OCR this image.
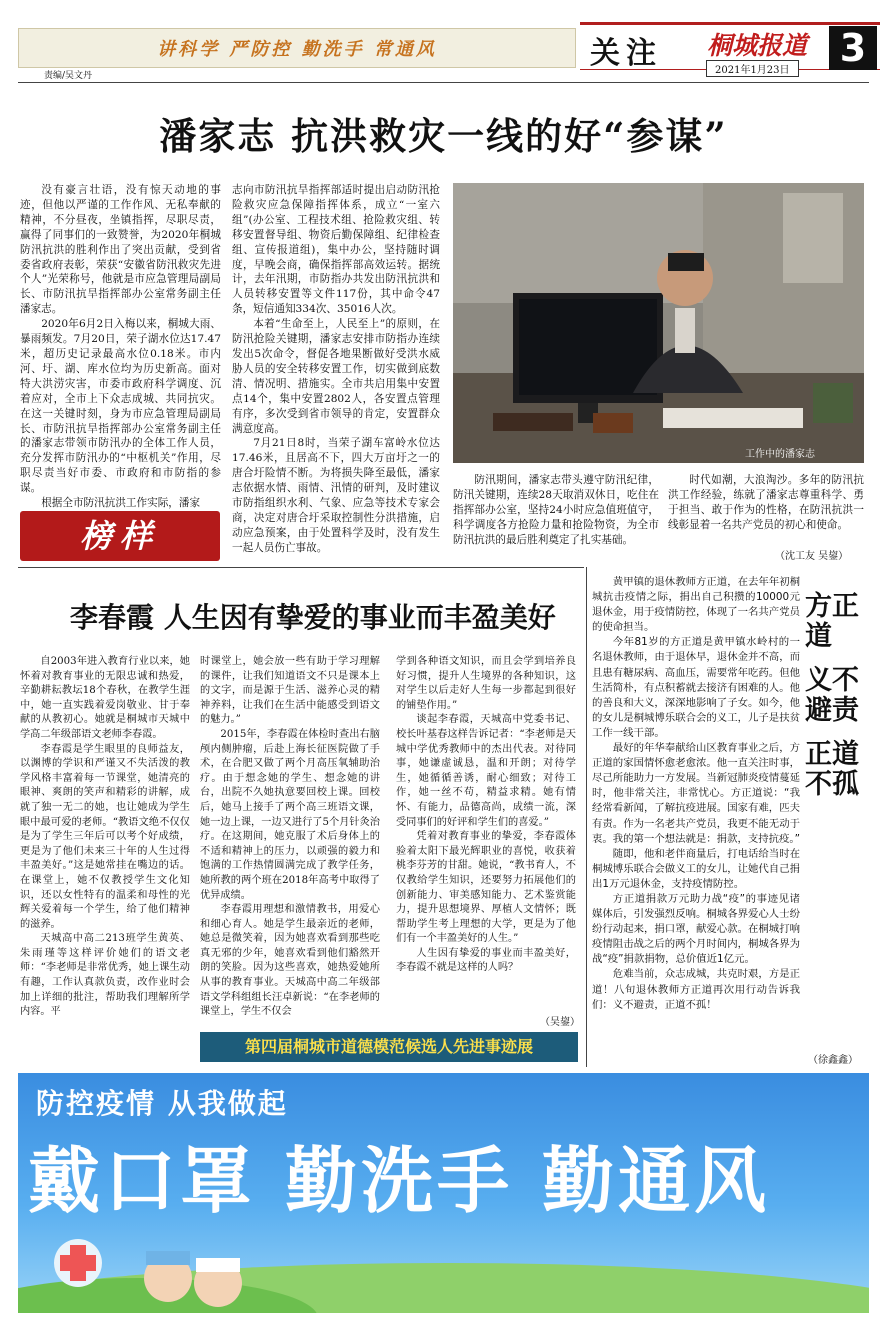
讲科学 严防控 勤洗手 常通风	关注 桐城报道
2021年1月23日
3
责编/吴文丹
潘家志 抗洪救灾一线的好“参谋”

没有豪言壮语，没有惊天动地的事迹，但他以严谨的工作作风、无私奉献的精神，不分昼夜，坐镇指挥，尽职尽责，赢得了同事们的一致赞誉，为2020年桐城防汛抗洪的胜利作出了突出贡献，受到省委省政府表彰，荣获“安徽省防汛救灾先进个人”光荣称号，他就是市应急管理局副局长、市防汛抗旱指挥部办公室常务副主任潘家志。

2020年6月2日入梅以来，桐城大雨、暴雨频发。7月20日，荣子湖水位达17.47米，超历史记录最高水位0.18米。市内河、圩、湖、库水位均为历史新高。面对特大洪涝灾害，市委市政府科学调度、沉着应对，全市上下众志成城、共同抗灾。在这一关键时刻，身为市应急管理局副局长、市防汛抗旱指挥部办公室常务副主任的潘家志带领市防汛办的全体工作人员，充分发挥市防汛办的“中枢机关”作用，尽职尽责当好市委、市政府和市防指的参谋。

根据全市防汛抗洪工作实际，潘家

榜样

志向市防汛抗旱指挥部适时提出启动防汛抢险救灾应急保障指挥体系，成立“一室六组”(办公室、工程技术组、抢险救灾组、转移安置督导组、物资后勤保障组、纪律检查组、宣传报道组)，集中办公，坚持随时调度，早晚会商，确保指挥部高效运转。据统计，去年汛期，市防指办共发出防汛抗洪和人员转移安置等文件117份，其中命令47条，短信通知334次、35016人次。

本着“生命至上，人民至上”的原则，在防汛抢险关键期，潘家志安排市防指办连续发出5次命令，督促各地果断做好受洪水威胁人员的安全转移安置工作，切实做到底数清、情况明、措施实。全市共启用集中安置点14个，集中安置2802人，各安置点管理有序，多次受到省市领导的肯定，安置群众满意度高。

7月21日8时，当荣子湖车富岭水位达17.46米，且居高不下，四大万亩圩之一的唐合圩险情不断。为将损失降至最低，潘家志依据水情、雨情、汛情的研判，及时建议市防指组织水利、气象、应急等技术专家会商，决定对唐合圩采取控制性分洪措施，启动应急预案，由于处置科学及时，没有发生一起人员伤亡事故。

工作中的潘家志

防汛期间，潘家志带头遵守防汛纪律，防汛关键期，连续28天取消双休日，吃住在指挥部办公室，坚持24小时应急值班值守，科学调度各方抢险力量和抢险物资，为全市防汛抗洪的最后胜利奠定了扎实基础。

时代如潮，大浪淘沙。多年的防汛抗洪工作经验，练就了潘家志尊重科学、勇于担当、敢于作为的性格，在防汛抗洪一线彰显着一名共产党员的初心和使命。

（沈工友 吴鋆）
李春霞 人生因有挚爱的事业而丰盈美好

自2003年进入教育行业以来，她怀着对教育事业的无限忠诚和热爱，辛勤耕耘教坛18个春秋，在教学生涯中，她一直实践着爱岗敬业、甘于奉献的从教初心。她就是桐城市天城中学高二年级部语文老师李春霞。

李春霞是学生眼里的良师益友，以渊博的学识和严谨又不失活泼的教学风格丰富着每一节课堂，她清亮的眼神、爽朗的笑声和精彩的讲解，成就了独一无二的她，也让她成为学生眼中最可爱的老师。“教语文绝不仅仅是为了学生三年后可以考个好成绩，更是为了他们未来三十年的人生过得丰盈美好。”这是她常挂在嘴边的话。在课堂上，她不仅教授学生文化知识，还以女性特有的温柔和母性的光辉关爱着每一个学生，给了他们精神的滋养。

天城高中高二213班学生黄英、朱雨瑾等这样评价她们的语文老师：“李老师是非常优秀，她上课生动有趣，工作认真款负责，改作业时会加上详细的批注，帮助我们理解所学内容。平

时课堂上，她会放一些有助于学习理解的课件，让我们知道语文不只是课本上的文字，而是源于生活、滋养心灵的精神养料，让我们在生活中能感受到语文的魅力。”

2015年，李春霞在体检时查出右脑颅内侧肿瘤，后赴上海长征医院做了手术，在合肥又做了两个月高压氧辅助治疗。由于想念她的学生、想念她的讲台，出院不久她执意要回校上课。回校后，她马上接手了两个高三班语文课，她一边上课，一边又进行了5个月针灸治疗。在这期间，她克服了术后身体上的不适和精神上的压力，以顽强的毅力和饱满的工作热情圆满完成了教学任务，她所教的两个班在2018年高考中取得了优异成绩。

李春霞用理想和激情教书，用爱心和细心育人。她是学生最亲近的老师，她总是微笑着，因为她喜欢看到那些吃真无邪的少年，她喜欢看到他们豁然开朗的笑脸。因为这些喜欢，她热爱她所从事的教育事业。天城高中高二年级部语文学科组组长汪卓新说：“在李老师的课堂上，学生不仅会

学到各种语文知识，而且会学到培养良好习惯，提升人生境界的各种知识，这对学生以后走好人生每一步都起到很好的铺垫作用。”

谈起李春霞，天城高中党委书记、校长叶基春这样告诉记者：“李老师是天城中学优秀教师中的杰出代表。对待同事，她谦虚诚恳，温和开朗；对待学生，她循循善诱，耐心细致；对待工作，她一丝不苟，精益求精。她有情怀、有能力，品德高尚，成绩一流，深受同事们的好评和学生们的喜爱。”

凭着对教育事业的挚爱，李春霞体验着太阳下最光辉职业的喜悦，收获着桃李芬芳的甘甜。她说，“教书育人，不仅教给学生知识，还要努力拓展他们的创新能力、审美感知能力、艺术鉴赏能力，提升思想境界、厚植人文情怀；既帮助学生考上理想的大学，更是为了他们有一个丰盈美好的人生。”

人生因有挚爱的事业而丰盈美好，李春霞不就是这样的人吗？

（吴鋆）
第四届桐城市道德模范候选人先进事迹展
方正道
义不避责
正道不孤

黄甲镇的退休教师方正道，在去年年初桐城抗击疫情之际，捐出自己积攒的10000元退休金，用于疫情防控，体现了一名共产党员的使命担当。

今年81岁的方正道是黄甲镇水岭村的一名退休教师，由于退休早，退休金并不高，而且患有糖尿病、高血压，需要常年吃药。但他生活简朴，有点积蓄就去接济有困难的人。他的善良和大义，深深地影响了子女。如今，他的女儿是桐城博乐联合会的义工，儿子是扶贫工作一线干部。

最好的年华奉献给山区教育事业之后，方正道的家国情怀愈老愈浓。他一直关注时事，尽己所能助力一方发展。当新冠肺炎疫情蔓延时，他非常关注，非常忧心。方正道说：“我经常看新闻，了解抗疫进展。国家有难，匹夫有责。作为一名老共产党员，我更不能无动于衷。我的第一个想法就是：捐款，支持抗疫。”

随即，他和老伴商量后，打电话给当时在桐城博乐联合会做义工的女儿，让她代自己捐出1万元退休金，支持疫情防控。

方正道捐款万元助力战“疫”的事迹见诸媒体后，引发强烈反响。桐城各界爱心人士纷纷行动起来，捐口罩，献爱心款。在桐城打响疫情阻击战之后的两个月时间内，桐城各界为战“疫”捐款捐物，总价值近1亿元。

危难当前，众志成城，共克时艰，方是正道！八旬退休教师方正道再次用行动告诉我们：义不避责，正道不孤！

（徐鑫鑫）
防控疫情 从我做起
戴口罩 勤洗手 勤通风
